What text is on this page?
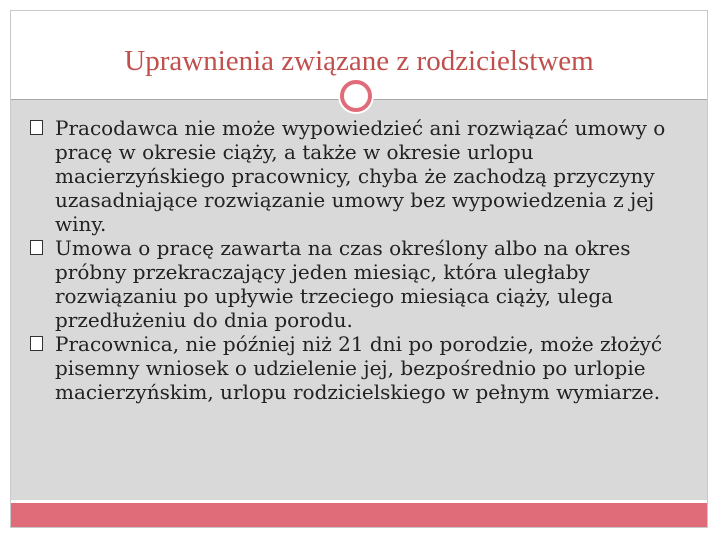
Uprawnienia związane z rodzicielstwem
Pracodawca nie może wypowiedzieć ani rozwiązać umowy o pracę w okresie ciąży, a także w okresie urlopu macierzyńskiego pracownicy, chyba że zachodzą przyczyny uzasadniające rozwiązanie umowy bez wypowiedzenia z jej winy.
Umowa o pracę zawarta na czas określony albo na okres próbny przekraczający jeden miesiąc, która uległaby rozwiązaniu po upływie trzeciego miesiąca ciąży, ulega przedłużeniu do dnia porodu.
Pracownica, nie później niż 21 dni po porodzie, może złożyć pisemny wniosek o udzielenie jej, bezpośrednio po urlopie macierzyńskim, urlopu rodzicielskiego w pełnym wymiarze.
